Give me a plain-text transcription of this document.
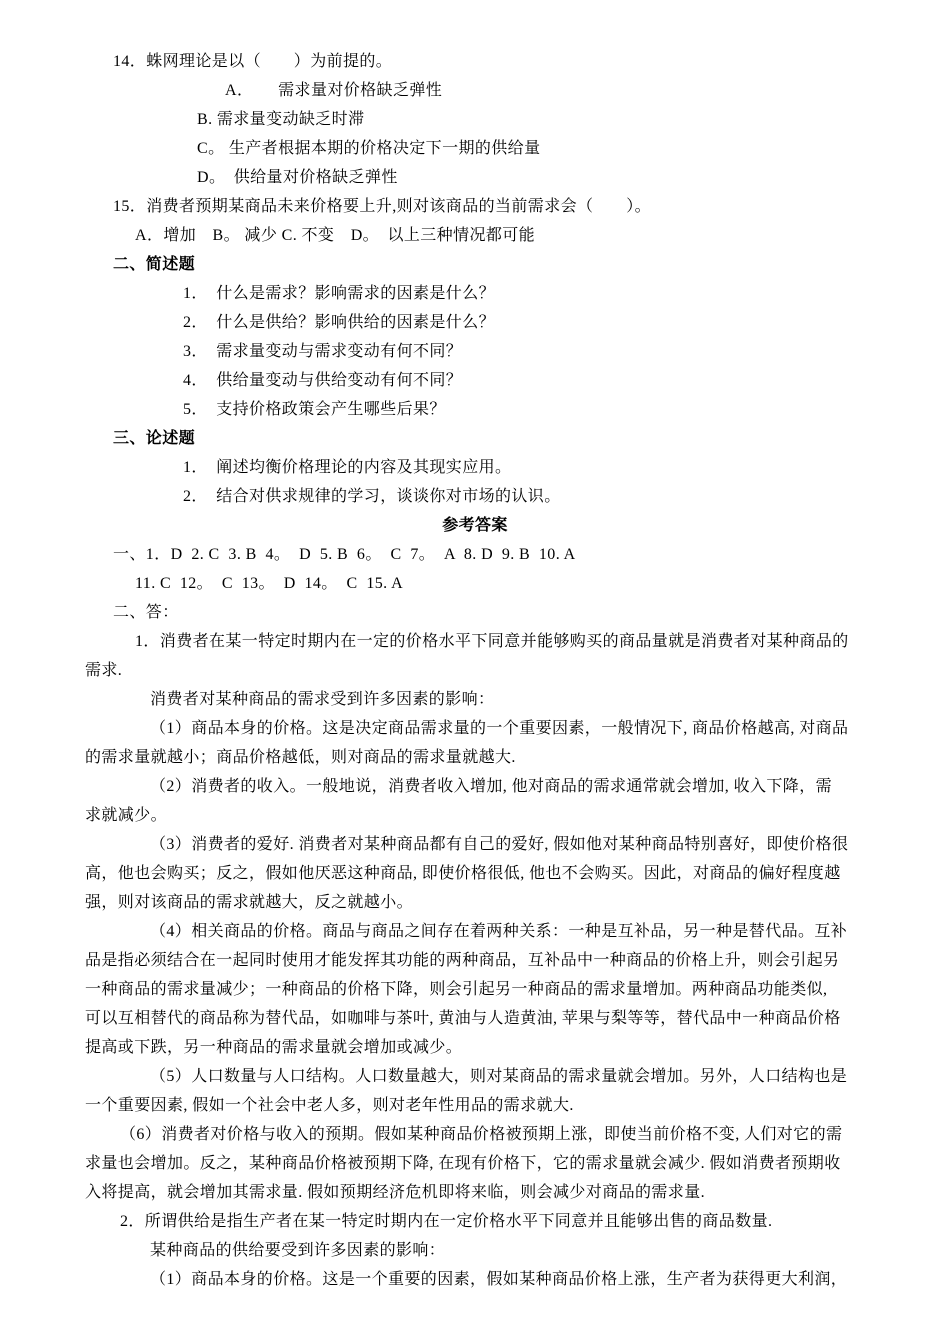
14．蛛网理论是以（　　）为前提的。
A．　　需求量对价格缺乏弹性
B. 需求量变动缺乏时滞
C。 生产者根据本期的价格决定下一期的供给量
D。　供给量对价格缺乏弹性
15．消费者预期某商品未来价格要上升,则对该商品的当前需求会（　　）。
A．增加　B。 减少 C. 不变　D。　以上三种情况都可能
二、简述题
1．　什么是需求？影响需求的因素是什么？
2．　什么是供给？影响供给的因素是什么？
3．　需求量变动与需求变动有何不同？
4．　供给量变动与供给变动有何不同？
5．　支持价格政策会产生哪些后果？
三、论述题
1．　阐述均衡价格理论的内容及其现实应用。
2．　结合对供求规律的学习，谈谈你对市场的认识。
参考答案
一、1．D  2. C  3. B  4。  D  5. B  6。  C  7。  A  8. D  9. B  10. A
11. C  12。  C  13。  D  14。  C  15. A
二、答：
1．消费者在某一特定时期内在一定的价格水平下同意并能够购买的商品量就是消费者对某种商品的
需求.
消费者对某种商品的需求受到许多因素的影响：
（1）商品本身的价格。这是决定商品需求量的一个重要因素，一般情况下, 商品价格越高, 对商品
的需求量就越小；商品价格越低，则对商品的需求量就越大.
（2）消费者的收入。一般地说，消费者收入增加, 他对商品的需求通常就会增加, 收入下降，需
求就减少。
（3）消费者的爱好. 消费者对某种商品都有自己的爱好, 假如他对某种商品特别喜好，即使价格很
高，他也会购买；反之，假如他厌恶这种商品, 即使价格很低, 他也不会购买。因此，对商品的偏好程度越
强，则对该商品的需求就越大，反之就越小。
（4）相关商品的价格。商品与商品之间存在着两种关系：一种是互补品，另一种是替代品。互补
品是指必须结合在一起同时使用才能发挥其功能的两种商品，互补品中一种商品的价格上升，则会引起另
一种商品的需求量减少；一种商品的价格下降，则会引起另一种商品的需求量增加。两种商品功能类似,
可以互相替代的商品称为替代品，如咖啡与茶叶, 黄油与人造黄油, 苹果与梨等等，替代品中一种商品价格
提高或下跌，另一种商品的需求量就会增加或减少。
（5）人口数量与人口结构。人口数量越大，则对某商品的需求量就会增加。另外，人口结构也是
一个重要因素, 假如一个社会中老人多，则对老年性用品的需求就大.
（6）消费者对价格与收入的预期。假如某种商品价格被预期上涨，即使当前价格不变, 人们对它的需
求量也会增加。反之，某种商品价格被预期下降, 在现有价格下，它的需求量就会减少. 假如消费者预期收
入将提高，就会增加其需求量. 假如预期经济危机即将来临，则会减少对商品的需求量.
2．所谓供给是指生产者在某一特定时期内在一定价格水平下同意并且能够出售的商品数量.
某种商品的供给要受到许多因素的影响：
（1）商品本身的价格。这是一个重要的因素，假如某种商品价格上涨，生产者为获得更大利润，
